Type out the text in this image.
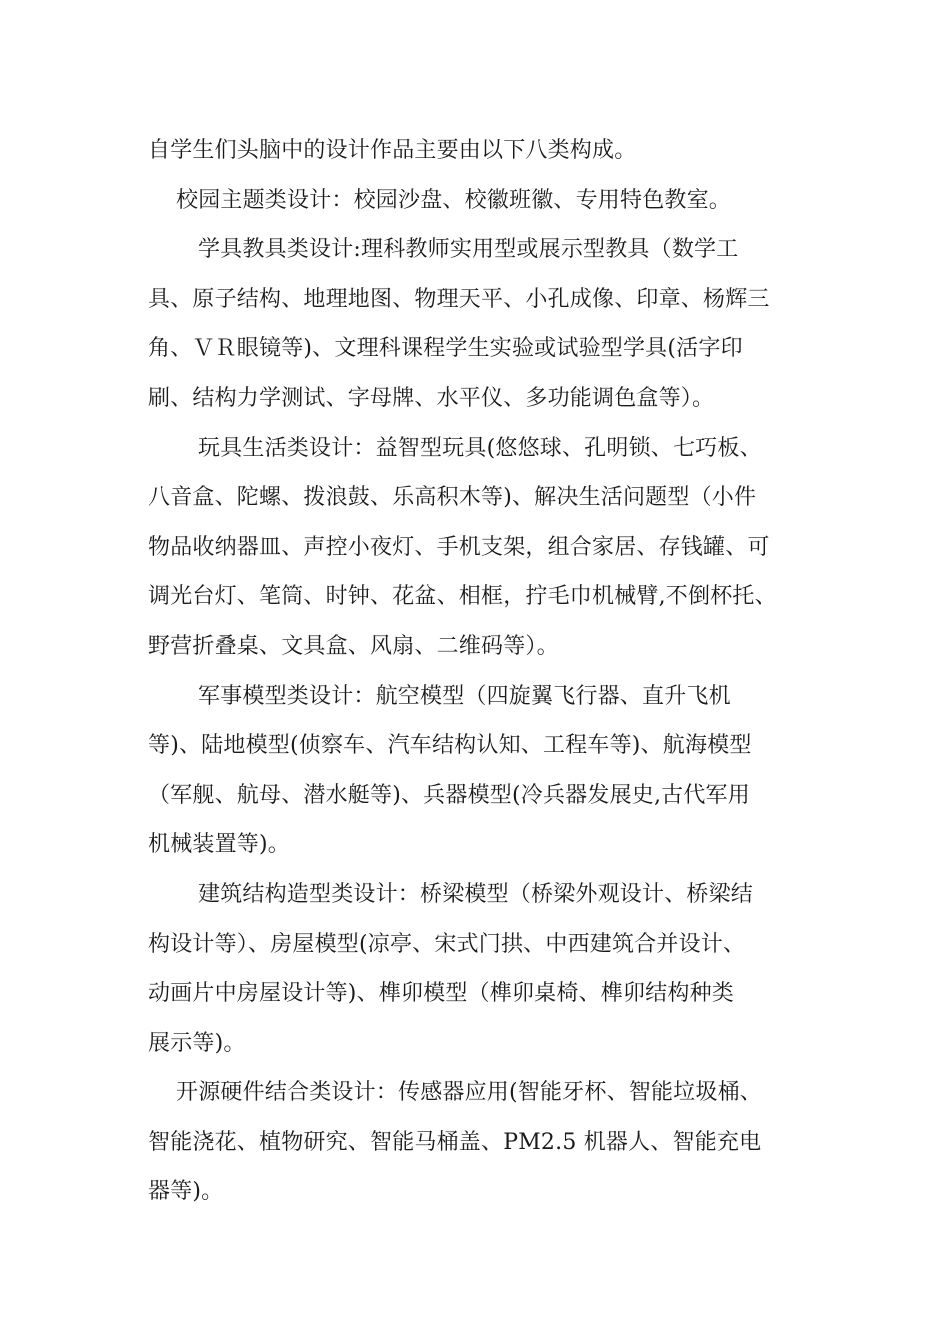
自学生们头脑中的设计作品主要由以下八类构成。
校园主题类设计：校园沙盘、校徽班徽、专用特色教室。
学具教具类设计:理科教师实用型或展示型教具（数学工
具、原子结构、地理地图、物理天平、小孔成像、印章、杨辉三
角、ＶＲ眼镜等)、文理科课程学生实验或试验型学具(活字印
刷、结构力学测试、字母牌、水平仪、多功能调色盒等）。
玩具生活类设计：益智型玩具(悠悠球、孔明锁、七巧板、
八音盒、陀螺、拨浪鼓、乐高积木等)、解决生活问题型（小件
物品收纳器皿、声控小夜灯、手机支架，组合家居、存钱罐、可
调光台灯、笔筒、时钟、花盆、相框，拧毛巾机械臂,不倒杯托、
野营折叠桌、文具盒、风扇、二维码等）。
军事模型类设计：航空模型（四旋翼飞行器、直升飞机
等)、陆地模型(侦察车、汽车结构认知、工程车等)、航海模型
（军舰、航母、潜水艇等)、兵器模型(冷兵器发展史,古代军用
机械装置等)。
建筑结构造型类设计：桥梁模型（桥梁外观设计、桥梁结
构设计等）、房屋模型(凉亭、宋式门拱、中西建筑合并设计、
动画片中房屋设计等)、榫卯模型（榫卯桌椅、榫卯结构种类
展示等)。
开源硬件结合类设计：传感器应用(智能牙杯、智能垃圾桶、
智能浇花、植物研究、智能马桶盖、PM2.5 机器人、智能充电
器等)。
